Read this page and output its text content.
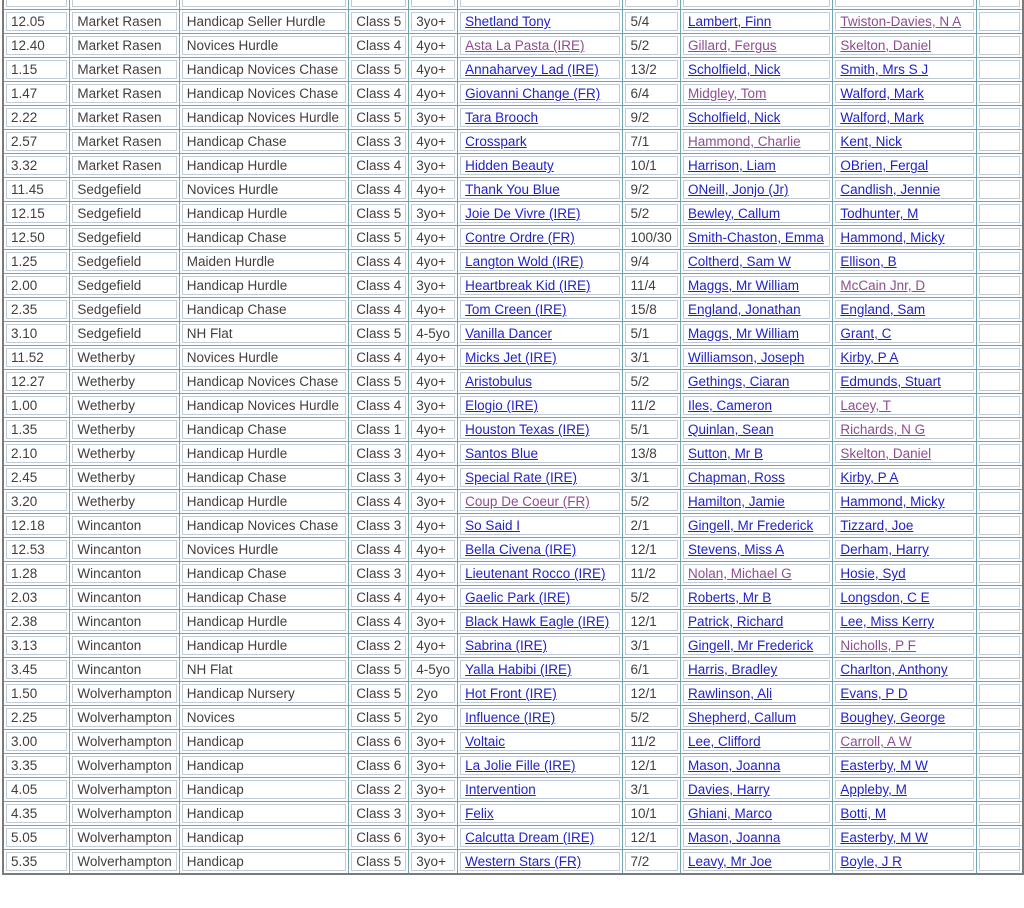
12.05	Market Rasen	Handicap Seller Hurdle	Class 5	3yo+	Shetland Tony	5/4	Lambert, Finn	Twiston-Davies, N A	

12.40	Market Rasen	Novices Hurdle	Class 4	4yo+	Asta La Pasta (IRE)	5/2	Gillard, Fergus	Skelton, Daniel	

1.15	Market Rasen	Handicap Novices Chase	Class 5	4yo+	Annaharvey Lad (IRE)	13/2	Scholfield, Nick	Smith, Mrs S J	

1.47	Market Rasen	Handicap Novices Chase	Class 4	4yo+	Giovanni Change (FR)	6/4	Midgley, Tom	Walford, Mark	

2.22	Market Rasen	Handicap Novices Hurdle	Class 5	3yo+	Tara Brooch	9/2	Scholfield, Nick	Walford, Mark	

2.57	Market Rasen	Handicap Chase	Class 3	4yo+	Crosspark	7/1	Hammond, Charlie	Kent, Nick	

3.32	Market Rasen	Handicap Hurdle	Class 4	3yo+	Hidden Beauty	10/1	Harrison, Liam	OBrien, Fergal	

11.45	Sedgefield	Novices Hurdle	Class 4	4yo+	Thank You Blue	9/2	ONeill, Jonjo (Jr)	Candlish, Jennie	

12.15	Sedgefield	Handicap Hurdle	Class 5	3yo+	Joie De Vivre (IRE)	5/2	Bewley, Callum	Todhunter, M	

12.50	Sedgefield	Handicap Chase	Class 5	4yo+	Contre Ordre (FR)	100/30	Smith-Chaston, Emma	Hammond, Micky	

1.25	Sedgefield	Maiden Hurdle	Class 4	4yo+	Langton Wold (IRE)	9/4	Coltherd, Sam W	Ellison, B	

2.00	Sedgefield	Handicap Hurdle	Class 4	3yo+	Heartbreak Kid (IRE)	11/4	Maggs, Mr William	McCain Jnr, D	

2.35	Sedgefield	Handicap Chase	Class 4	4yo+	Tom Creen (IRE)	15/8	England, Jonathan	England, Sam	

3.10	Sedgefield	NH Flat	Class 5	4-5yo	Vanilla Dancer	5/1	Maggs, Mr William	Grant, C	

11.52	Wetherby	Novices Hurdle	Class 4	4yo+	Micks Jet (IRE)	3/1	Williamson, Joseph	Kirby, P A	

12.27	Wetherby	Handicap Novices Chase	Class 5	4yo+	Aristobulus	5/2	Gethings, Ciaran	Edmunds, Stuart	

1.00	Wetherby	Handicap Novices Hurdle	Class 4	3yo+	Elogio (IRE)	11/2	Iles, Cameron	Lacey, T	

1.35	Wetherby	Handicap Chase	Class 1	4yo+	Houston Texas (IRE)	5/1	Quinlan, Sean	Richards, N G	

2.10	Wetherby	Handicap Hurdle	Class 3	4yo+	Santos Blue	13/8	Sutton, Mr B	Skelton, Daniel	

2.45	Wetherby	Handicap Chase	Class 3	4yo+	Special Rate (IRE)	3/1	Chapman, Ross	Kirby, P A	

3.20	Wetherby	Handicap Hurdle	Class 4	3yo+	Coup De Coeur (FR)	5/2	Hamilton, Jamie	Hammond, Micky	

12.18	Wincanton	Handicap Novices Chase	Class 3	4yo+	So Said I	2/1	Gingell, Mr Frederick	Tizzard, Joe	

12.53	Wincanton	Novices Hurdle	Class 4	4yo+	Bella Civena (IRE)	12/1	Stevens, Miss A	Derham, Harry	

1.28	Wincanton	Handicap Chase	Class 3	4yo+	Lieutenant Rocco (IRE)	11/2	Nolan, Michael G	Hosie, Syd	

2.03	Wincanton	Handicap Chase	Class 4	4yo+	Gaelic Park (IRE)	5/2	Roberts, Mr B	Longsdon, C E	

2.38	Wincanton	Handicap Hurdle	Class 4	3yo+	Black Hawk Eagle (IRE)	12/1	Patrick, Richard	Lee, Miss Kerry	

3.13	Wincanton	Handicap Hurdle	Class 2	4yo+	Sabrina (IRE)	3/1	Gingell, Mr Frederick	Nicholls, P F	

3.45	Wincanton	NH Flat	Class 5	4-5yo	Yalla Habibi (IRE)	6/1	Harris, Bradley	Charlton, Anthony	

1.50	Wolverhampton	Handicap Nursery	Class 5	2yo	Hot Front (IRE)	12/1	Rawlinson, Ali	Evans, P D	

2.25	Wolverhampton	Novices	Class 5	2yo	Influence (IRE)	5/2	Shepherd, Callum	Boughey, George	

3.00	Wolverhampton	Handicap	Class 6	3yo+	Voltaic	11/2	Lee, Clifford	Carroll, A W	

3.35	Wolverhampton	Handicap	Class 6	3yo+	La Jolie Fille (IRE)	12/1	Mason, Joanna	Easterby, M W	

4.05	Wolverhampton	Handicap	Class 2	3yo+	Intervention	3/1	Davies, Harry	Appleby, M	

4.35	Wolverhampton	Handicap	Class 3	3yo+	Felix	10/1	Ghiani, Marco	Botti, M	

5.05	Wolverhampton	Handicap	Class 6	3yo+	Calcutta Dream (IRE)	12/1	Mason, Joanna	Easterby, M W	

5.35	Wolverhampton	Handicap	Class 5	3yo+	Western Stars (FR)	7/2	Leavy, Mr Joe	Boyle, J R	
